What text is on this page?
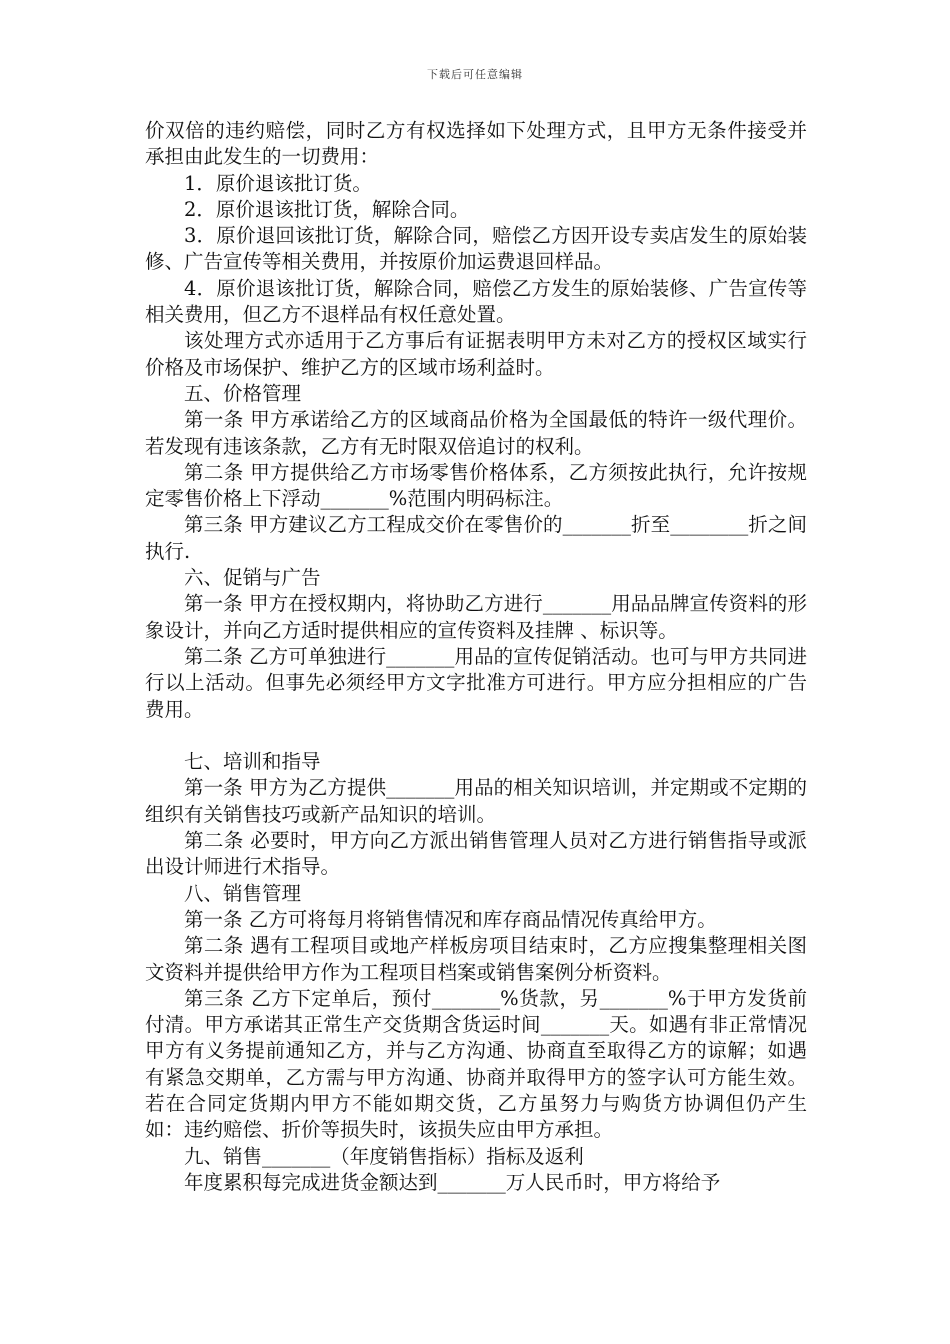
下载后可任意编辑

价双倍的违约赔偿，同时乙方有权选择如下处理方式，且甲方无条件接受并承担由此发生的一切费用：

1．原价退该批订货。

2．原价退该批订货，解除合同。

3．原价退回该批订货，解除合同，赔偿乙方因开设专卖店发生的原始装修、广告宣传等相关费用，并按原价加运费退回样品。

4．原价退该批订货，解除合同，赔偿乙方发生的原始装修、广告宣传等相关费用，但乙方不退样品有权任意处置。

该处理方式亦适用于乙方事后有证据表明甲方未对乙方的授权区域实行价格及市场保护、维护乙方的区域市场利益时。

五、价格管理

第一条 甲方承诺给乙方的区域商品价格为全国最低的特许一级代理价。若发现有违该条款，乙方有无时限双倍追讨的权利。

第二条 甲方提供给乙方市场零售价格体系，乙方须按此执行，允许按规定零售价格上下浮动_______%范围内明码标注。

第三条 甲方建议乙方工程成交价在零售价的_______折至________折之间执行.

六、促销与广告

第一条 甲方在授权期内，将协助乙方进行_______用品品牌宣传资料的形象设计，并向乙方适时提供相应的宣传资料及挂牌 、标识等。

第二条 乙方可单独进行_______用品的宣传促销活动。也可与甲方共同进行以上活动。但事先必须经甲方文字批准方可进行。甲方应分担相应的广告费用。

七、培训和指导

第一条 甲方为乙方提供_______用品的相关知识培训，并定期或不定期的组织有关销售技巧或新产品知识的培训。

第二条 必要时，甲方向乙方派出销售管理人员对乙方进行销售指导或派出设计师进行术指导。

八、销售管理

第一条 乙方可将每月将销售情况和库存商品情况传真给甲方。

第二条 遇有工程项目或地产样板房项目结束时，乙方应搜集整理相关图文资料并提供给甲方作为工程项目档案或销售案例分析资料。

第三条 乙方下定单后，预付_______%货款，另_______%于甲方发货前付清。甲方承诺其正常生产交货期含货运时间_______天。如遇有非正常情况甲方有义务提前通知乙方，并与乙方沟通、协商直至取得乙方的谅解；如遇有紧急交期单，乙方需与甲方沟通、协商并取得甲方的签字认可方能生效。若在合同定货期内甲方不能如期交货，乙方虽努力与购货方协调但仍产生如：违约赔偿、折价等损失时，该损失应由甲方承担。

九、销售_______（年度销售指标）指标及返利

年度累积每完成进货金额达到_______万人民币时，甲方将给予
